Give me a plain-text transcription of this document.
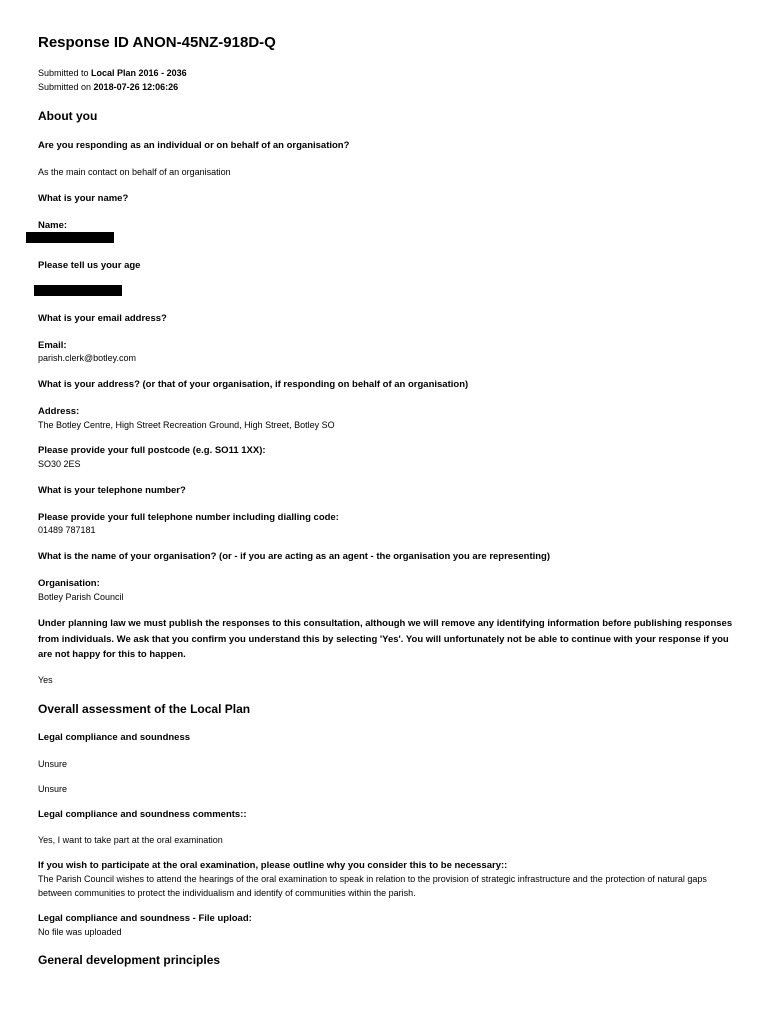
Response ID ANON-45NZ-918D-Q
Submitted to Local Plan 2016 - 2036
Submitted on 2018-07-26 12:06:26
About you
Are you responding as an individual or on behalf of an organisation?
As the main contact on behalf of an organisation
What is your name?
Name:
Please tell us your age
What is your email address?
Email:
parish.clerk@botley.com
What is your address? (or that of your organisation, if responding on behalf of an organisation)
Address:
The Botley Centre, High Street Recreation Ground, High Street, Botley SO
Please provide your full postcode (e.g. SO11 1XX):
SO30 2ES
What is your telephone number?
Please provide your full telephone number including dialling code:
01489 787181
What is the name of your organisation? (or - if you are acting as an agent - the organisation you are representing)
Organisation:
Botley Parish Council
Under planning law we must publish the responses to this consultation, although we will remove any identifying information before publishing responses from individuals. We ask that you confirm you understand this by selecting 'Yes'. You will unfortunately not be able to continue with your response if you are not happy for this to happen.
Yes
Overall assessment of the Local Plan
Legal compliance and soundness
Unsure
Unsure
Legal compliance and soundness comments::
Yes, I want to take part at the oral examination
If you wish to participate at the oral examination, please outline why you consider this to be necessary::
The Parish Council wishes to attend the hearings of the oral examination to speak in relation to the provision of strategic infrastructure and the protection of natural gaps between communities to protect the individualism and identify of communities within the parish.
Legal compliance and soundness - File upload:
No file was uploaded
General development principles
